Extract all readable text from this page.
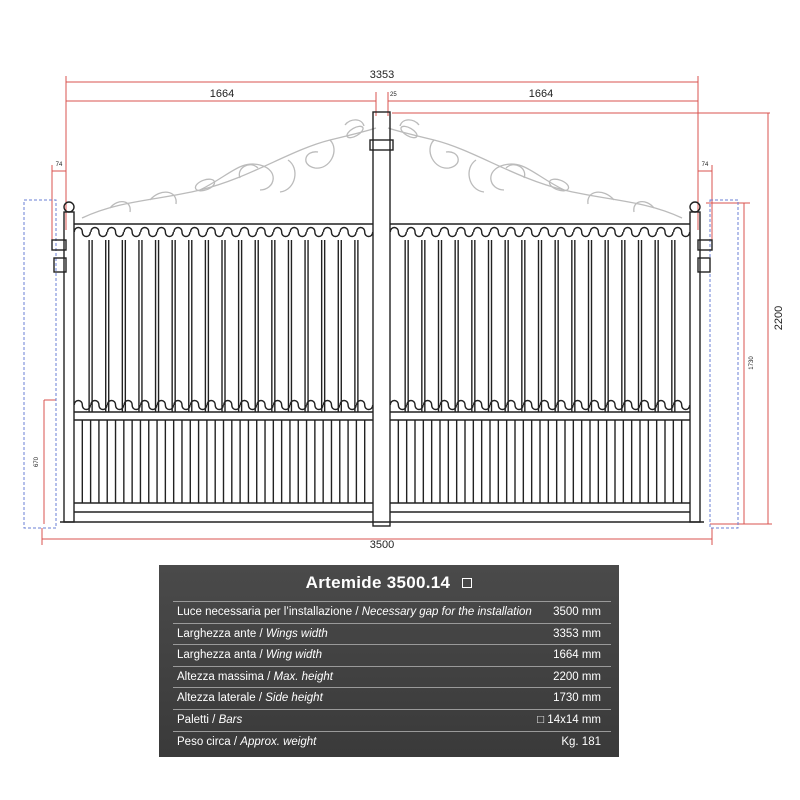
3353
1664	1664
25
74	74
2200
1730
670
3500
Artemide 3500.14
Luce necessaria per l’installazione / Necessary gap for the installation 3500 mm
Larghezza ante / Wings width	3353 mm
Larghezza anta / Wing width	1664 mm
Altezza massima / Max. height	2200 mm
Altezza laterale / Side height	1730 mm
Paletti / Bars	□ 14x14 mm
Peso circa / Approx. weight	Kg. 181
